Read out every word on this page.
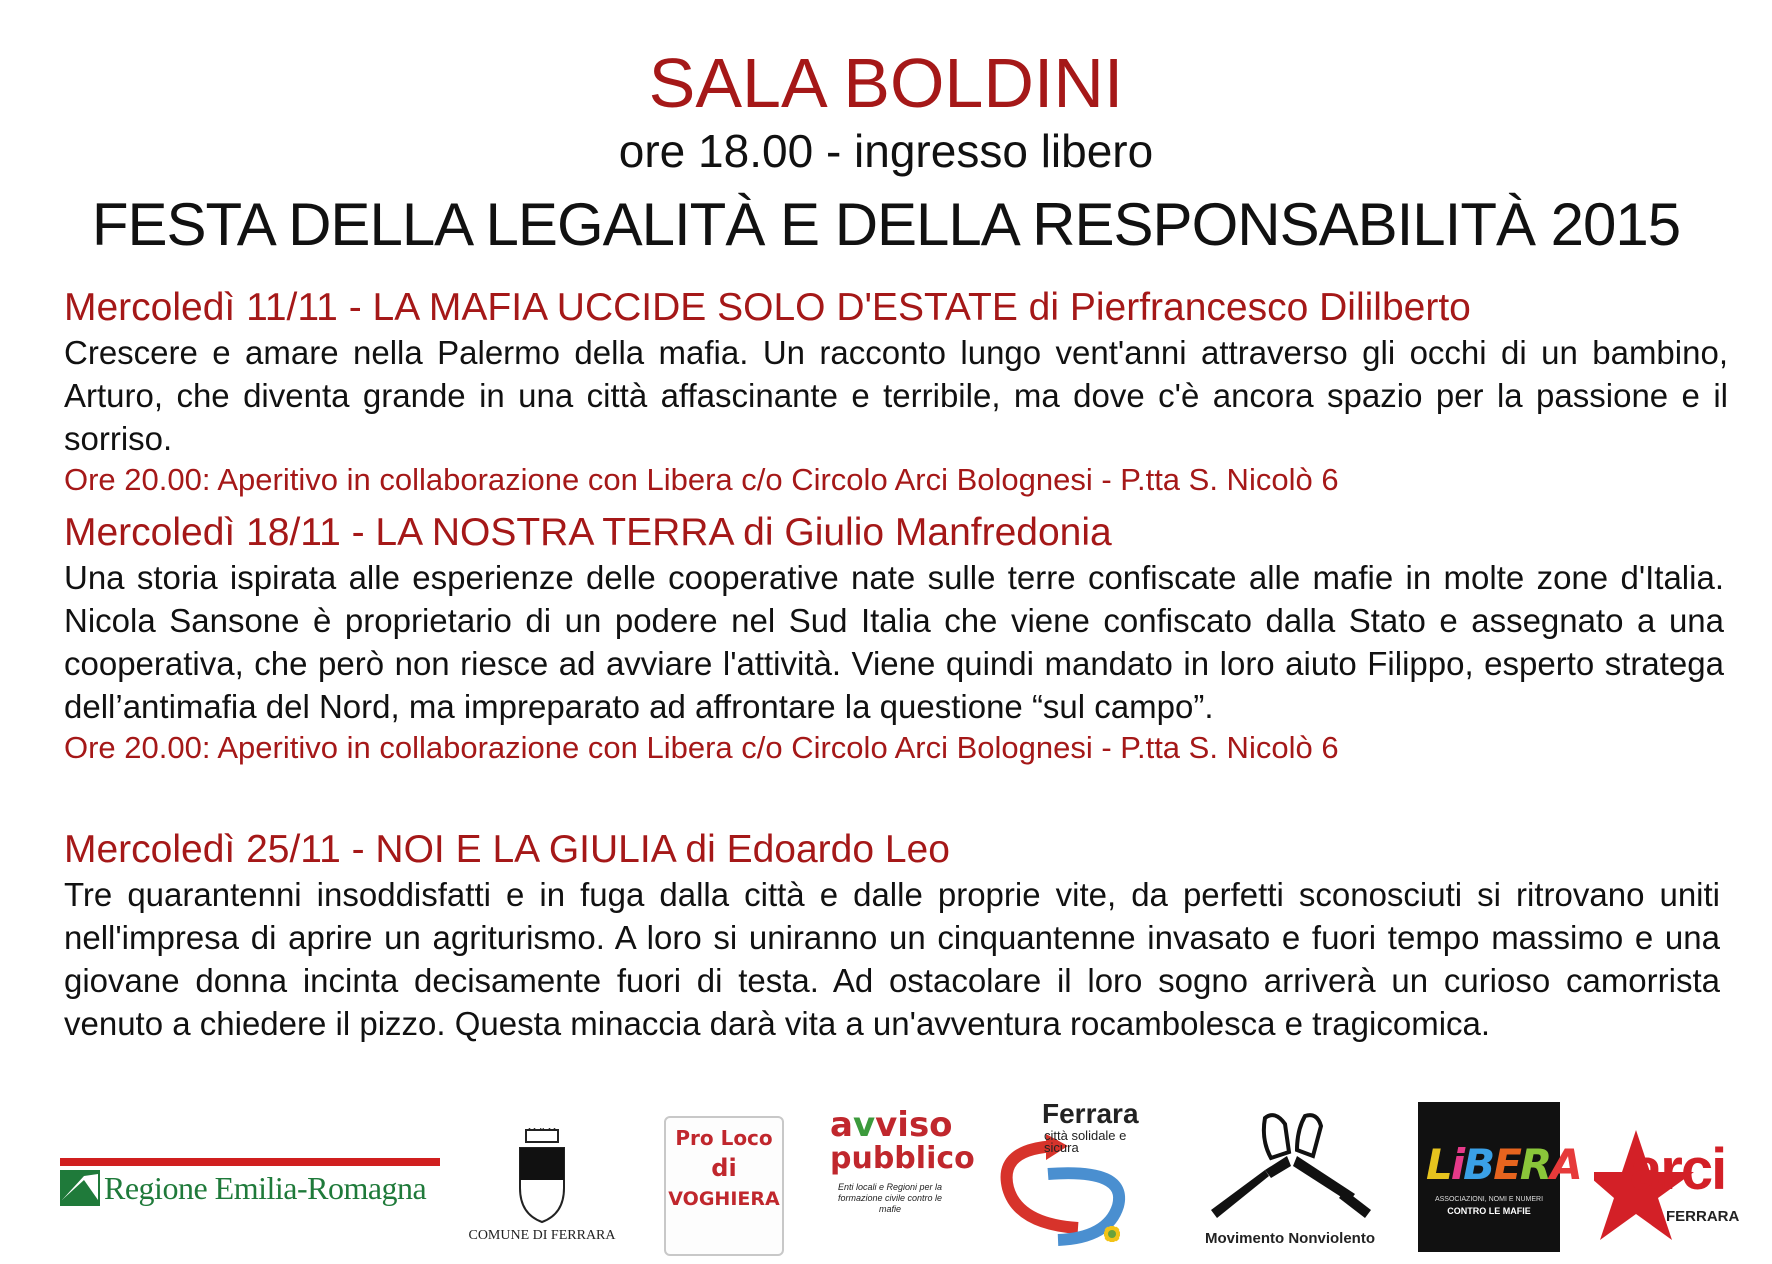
SALA BOLDINI
ore 18.00 - ingresso libero
FESTA DELLA LEGALITÀ E DELLA RESPONSABILITÀ 2015
Mercoledì 11/11 - LA MAFIA UCCIDE SOLO D'ESTATE di Pierfrancesco Dililberto

Crescere e amare nella Palermo della mafia. Un racconto lungo vent'anni attraverso gli occhi di un bambino, Arturo, che diventa grande in una città affascinante e terribile, ma dove c'è ancora spazio per la passione e il sorriso.

Ore 20.00: Aperitivo in collaborazione con Libera c/o Circolo Arci Bolognesi - P.tta S. Nicolò 6

Mercoledì 18/11 - LA NOSTRA TERRA di Giulio Manfredonia

Una storia ispirata alle esperienze delle cooperative nate sulle terre confiscate alle mafie in molte zone d'Italia. Nicola Sansone è proprietario di un podere nel Sud Italia che viene confiscato dalla Stato e assegnato a una cooperativa, che però non riesce ad avviare l'attività. Viene quindi mandato in loro aiuto Filippo, esperto stratega dell’antimafia del Nord, ma impreparato ad affrontare la questione “sul campo”.

Ore 20.00: Aperitivo in collaborazione con Libera c/o Circolo Arci Bolognesi - P.tta S. Nicolò 6

Mercoledì 25/11 - NOI E LA GIULIA di Edoardo Leo

Tre quarantenni insoddisfatti e in fuga dalla città e dalle proprie vite, da perfetti sconosciuti si ritrovano uniti nell'impresa di aprire un agriturismo. A loro si uniranno un cinquantenne invasato e fuori tempo massimo e una giovane donna incinta decisamente fuori di testa. Ad ostacolare il loro sogno arriverà un curioso camorrista venuto a chiedere il pizzo. Questa minaccia darà vita a un'avventura rocambolesca e tragicomica.

Regione Emilia-Romagna
COMUNE DI FERRARA
Pro Loco
di
VOGHIERA
avviso
pubblico
Enti locali e Regioni per la formazione civile contro le mafie
Ferrara
città solidale e sicura
Movimento Nonviolento
LiBERA
ASSOCIAZIONI, NOMI E NUMERI
CONTRO LE MAFIE
arci
FERRARA
